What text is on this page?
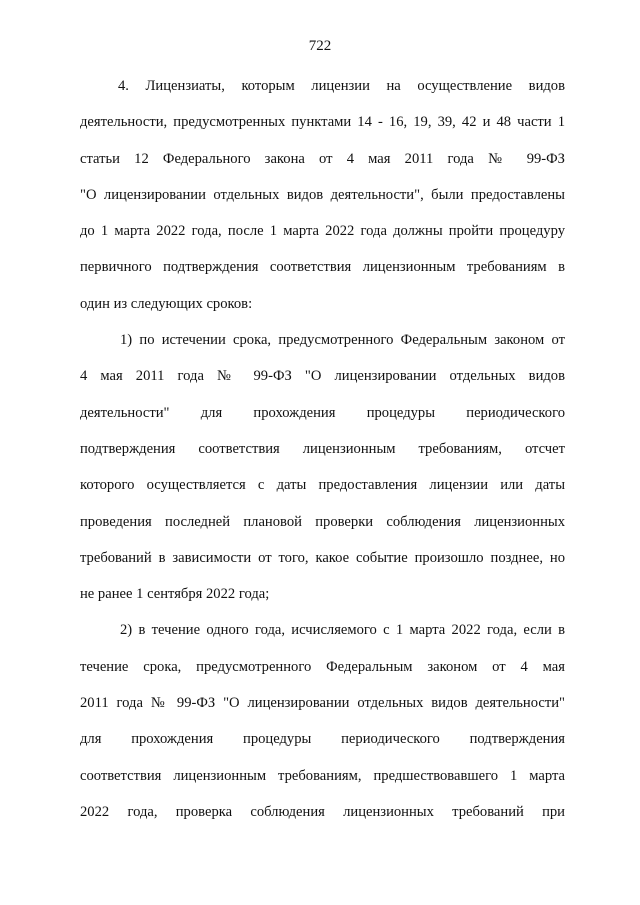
722
4. Лицензиаты, которым лицензии на осуществление видов
деятельности, предусмотренных пунктами 14 - 16, 19, 39, 42 и 48 части 1
статьи 12 Федерального закона от 4 мая 2011 года № 99-ФЗ
"О лицензировании отдельных видов деятельности", были предоставлены
до 1 марта 2022 года, после 1 марта 2022 года должны пройти процедуру
первичного подтверждения соответствия лицензионным требованиям в
один из следующих сроков:
1) по истечении срока, предусмотренного Федеральным законом от
4 мая 2011 года № 99-ФЗ "О лицензировании отдельных видов
деятельности" для прохождения процедуры периодического
подтверждения соответствия лицензионным требованиям, отсчет
которого осуществляется с даты предоставления лицензии или даты
проведения последней плановой проверки соблюдения лицензионных
требований в зависимости от того, какое событие произошло позднее, но
не ранее 1 сентября 2022 года;
2) в течение одного года, исчисляемого с 1 марта 2022 года, если в
течение срока, предусмотренного Федеральным законом от 4 мая
2011 года № 99-ФЗ "О лицензировании отдельных видов деятельности"
для прохождения процедуры периодического подтверждения
соответствия лицензионным требованиям, предшествовавшего 1 марта
2022 года, проверка соблюдения лицензионных требований при
